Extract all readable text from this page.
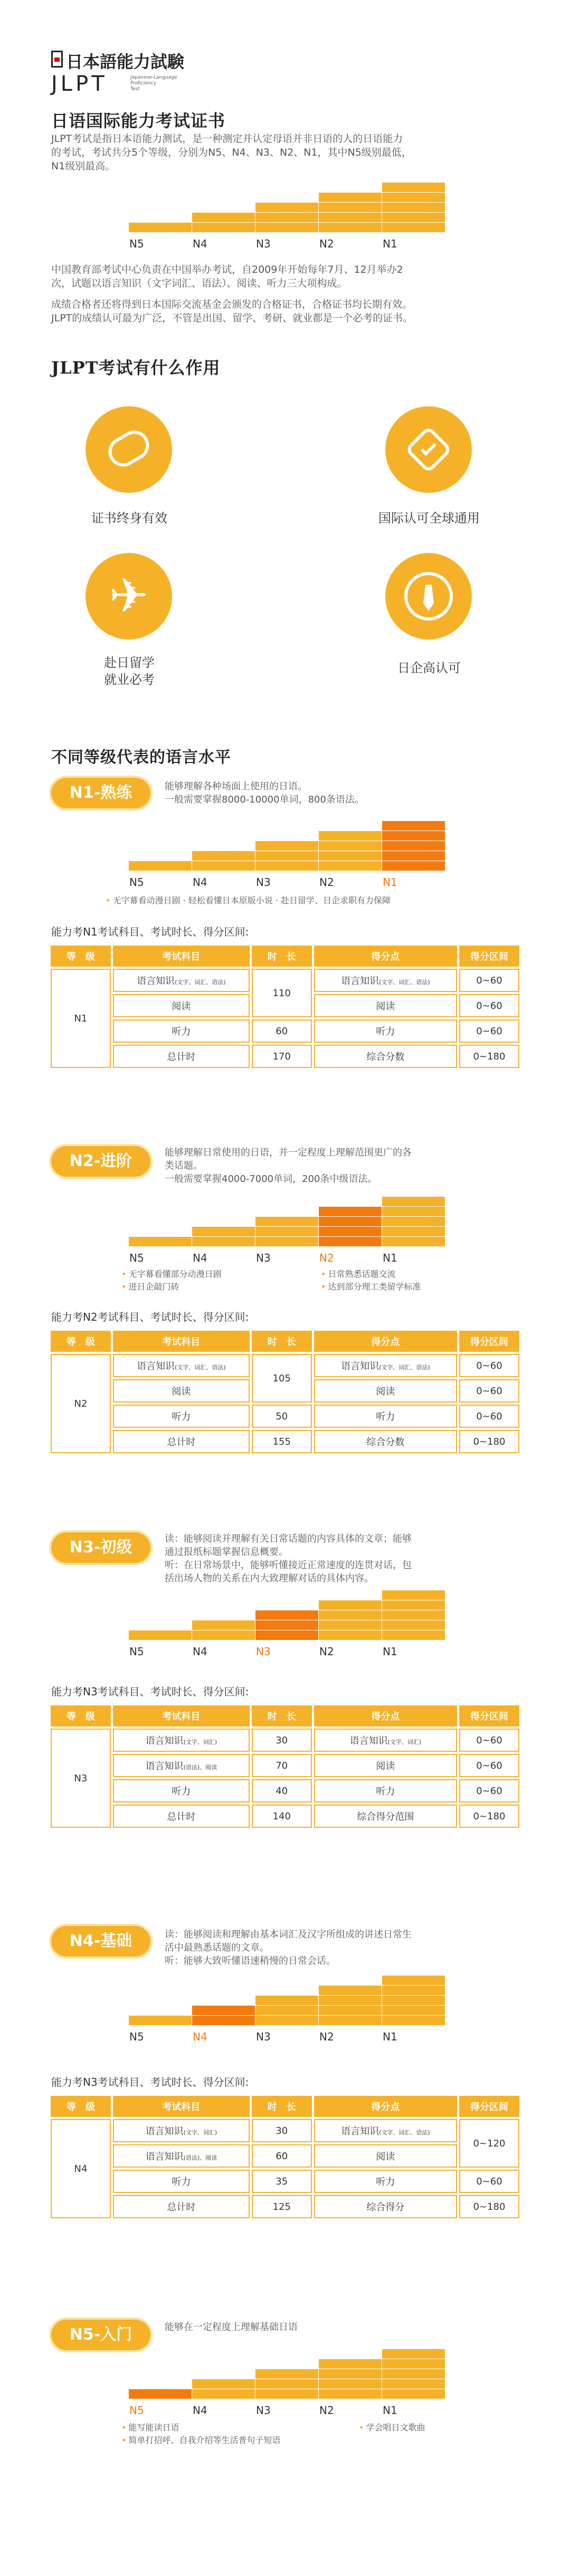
日本語能力試験
JLPT	Japanese-Language
Proficiency
Test
日语国际能力考试证书
JLPT考试是指日本语能力测试，是一种测定并认定母语并非日语的人的日语能力
的考试，考试共分5个等级，分别为N5、N4、N3、N2、N1，其中N5级别最低，
N1级别最高。
N5	N4	N3	N2	N1
中国教育部考试中心负责在中国举办考试，自2009年开始每年7月、12月举办2
次，试题以语言知识（文字词汇、语法）、阅读、听力三大项构成。
成绩合格者还将得到日本国际交流基金会颁发的合格证书，合格证书均长期有效。
JLPT的成绩认可最为广泛，不管是出国、留学、考研、就业都是一个必考的证书。
JLPT考试有什么作用
证书终身有效	国际认可全球通用
✈
赴日留学
就业必考
日企高认可
不同等级代表的语言水平
N1-熟练	能够理解各种场面上使用的日语。
一般需要掌握8000-10000单词，800条语法。
N5	N4	N3	N2	N1
• 无字幕看动漫日剧 · 轻松看懂日本原版小说 · 赴日留学、日企求职有力保障
能力考N1考试科目、考试时长、得分区间:
等　级	考试科目	时　长	得分点	得分区间
N1	语言知识(文字、词汇、语法)	110	语言知识(文字、词汇、语法)	0~60
	阅读		阅读	0~60
	听力	60	听力	0~60
	总计时	170	综合分数	0~180
N2-进阶	能够理解日常使用的日语，并一定程度上理解范围更广的各
类话题。
一般需要掌握4000-7000单词，200条中级语法。
N5	N4	N3	N2	N1
• 无字幕看懂部分动漫日剧	• 日常熟悉话题交流
• 进日企敲门砖	• 达到部分理工类留学标准
能力考N2考试科目、考试时长、得分区间:
等　级	考试科目	时　长	得分点	得分区间
N2	语言知识(文字、词汇、语法)	105	语言知识(文字、词汇、语法)	0~60
	阅读		阅读	0~60
	听力	50	听力	0~60
	总计时	155	综合分数	0~180
N3-初级	读：能够阅读并理解有关日常话题的内容具体的文章；能够
通过报纸标题掌握信息概要。
听：在日常场景中，能够听懂接近正常速度的连贯对话，包
括出场人物的关系在内大致理解对话的具体内容。
N5	N4	N3	N2	N1
能力考N3考试科目、考试时长、得分区间:
等　级	考试科目	时　长	得分点	得分区间
N3	语言知识(文字、词汇)	30	语言知识(文字、词汇)	0~60
	语言知识(语法)、阅读	70	阅读	0~60
	听力	40	听力	0~60
	总计时	140	综合得分范围	0~180
N4-基础	读：能够阅读和理解由基本词汇及汉字所组成的讲述日常生
活中最熟悉话题的文章。
听：能够大致听懂语速稍慢的日常会话。
N5	N4	N3	N2	N1
能力考N3考试科目、考试时长、得分区间:
等　级	考试科目	时　长	得分点	得分区间
N4	语言知识(文字、词汇)	30	语言知识(文字、词汇、语法)	0~120
	语言知识(语法)、阅读	60	阅读	
	听力	35	听力	0~60
	总计时	125	综合得分	0~180
N5-入门	能够在一定程度上理解基础日语
N5	N4	N3	N2	N1
• 能写能读日语	• 学会唱日文歌曲
• 简单打招呼、自我介绍等生活普句子短语
